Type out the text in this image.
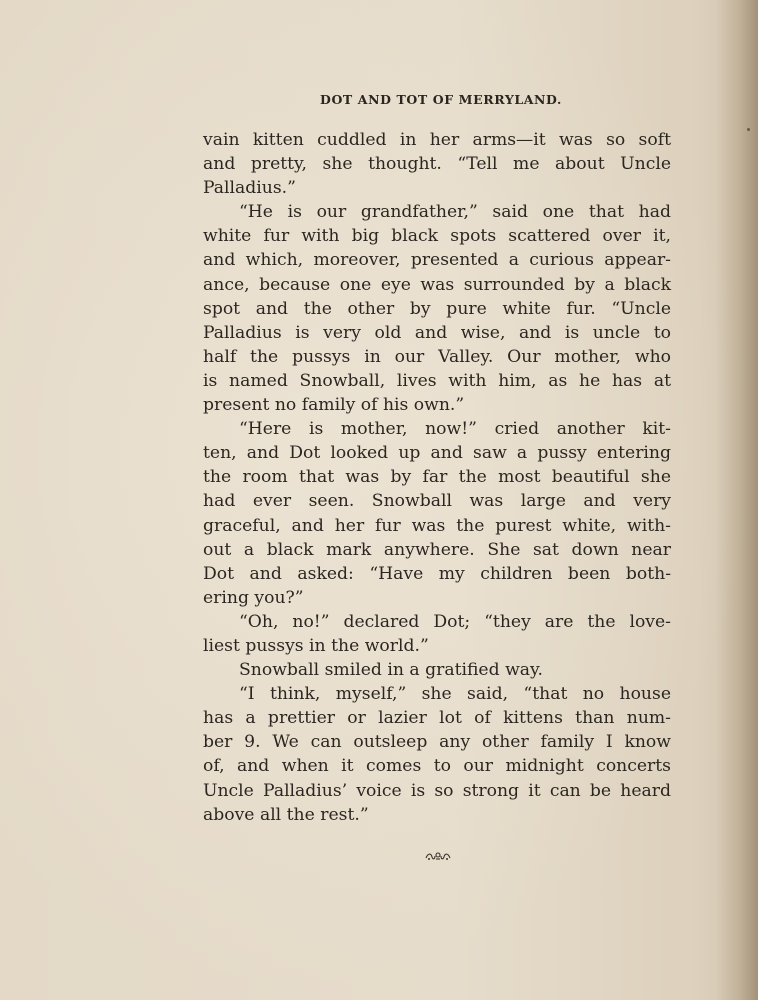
DOT AND TOT OF MERRYLAND.
vain kitten cuddled in her arms—it was so soft
and pretty, she thought. “Tell me about Uncle
Palladius.”
“He is our grandfather,” said one that had
white fur with big black spots scattered over it,
and which, moreover, presented a curious appear-
ance, because one eye was surrounded by a black
spot and the other by pure white fur. “Uncle
Palladius is very old and wise, and is uncle to
half the pussys in our Valley. Our mother, who
is named Snowball, lives with him, as he has at
present no family of his own.”
“Here is mother, now!” cried another kit-
ten, and Dot looked up and saw a pussy entering
the room that was by far the most beautiful she
had ever seen. Snowball was large and very
graceful, and her fur was the purest white, with-
out a black mark anywhere. She sat down near
Dot and asked: “Have my children been both-
ering you?”
“Oh, no!” declared Dot; “they are the love-
liest pussys in the world.”
Snowball smiled in a gratified way.
“I think, myself,” she said, “that no house
has a prettier or lazier lot of kittens than num-
ber 9. We can outsleep any other family I know
of, and when it comes to our midnight concerts
Uncle Palladius’ voice is so strong it can be heard
above all the rest.”
